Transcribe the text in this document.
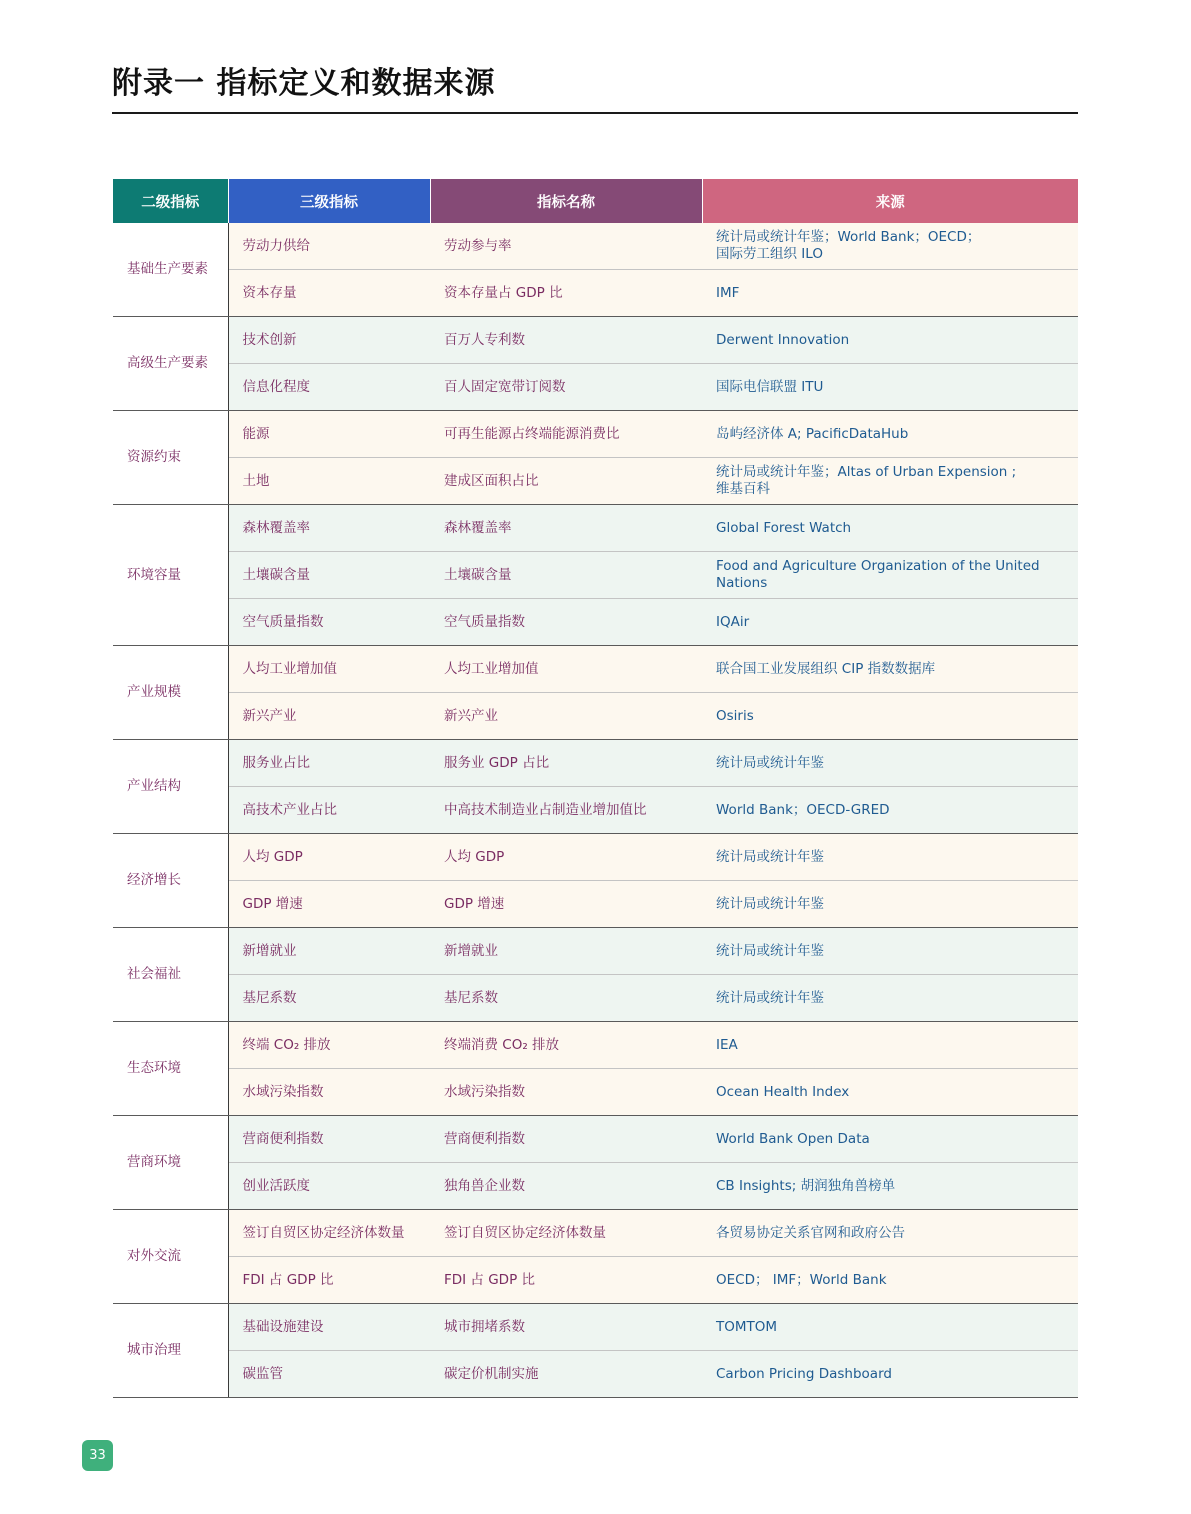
附录一 指标定义和数据来源
二级指标	三级指标	指标名称	来源
基础生产要素	劳动力供给	劳动参与率	统计局或统计年鉴；World Bank；OECD；
国际劳工组织 ILO
	资本存量	资本存量占 GDP 比	IMF
高级生产要素	技术创新	百万人专利数	Derwent Innovation
	信息化程度	百人固定宽带订阅数	国际电信联盟 ITU
资源约束	能源	可再生能源占终端能源消费比	岛屿经济体 A; PacificDataHub
	土地	建成区面积占比	统计局或统计年鉴；Altas of Urban Expension ;
维基百科
环境容量	森林覆盖率	森林覆盖率	Global Forest Watch
	土壤碳含量	土壤碳含量	Food and Agriculture Organization of the United
Nations
	空气质量指数	空气质量指数	IQAir
产业规模	人均工业增加值	人均工业增加值	联合国工业发展组织 CIP 指数数据库
	新兴产业	新兴产业	Osiris
产业结构	服务业占比	服务业 GDP 占比	统计局或统计年鉴
	高技术产业占比	中高技术制造业占制造业增加值比	World Bank；OECD-GRED
经济增长	人均 GDP	人均 GDP	统计局或统计年鉴
	GDP 增速	GDP 增速	统计局或统计年鉴
社会福祉	新增就业	新增就业	统计局或统计年鉴
	基尼系数	基尼系数	统计局或统计年鉴
生态环境	终端 CO₂ 排放	终端消费 CO₂ 排放	IEA
	水域污染指数	水域污染指数	Ocean Health Index
营商环境	营商便利指数	营商便利指数	World Bank Open Data
	创业活跃度	独角兽企业数	CB Insights; 胡润独角兽榜单
对外交流	签订自贸区协定经济体数量	签订自贸区协定经济体数量	各贸易协定关系官网和政府公告
	FDI 占 GDP 比	FDI 占 GDP 比	OECD； IMF；World Bank
城市治理	基础设施建设	城市拥堵系数	TOMTOM
	碳监管	碳定价机制实施	Carbon Pricing Dashboard
33
